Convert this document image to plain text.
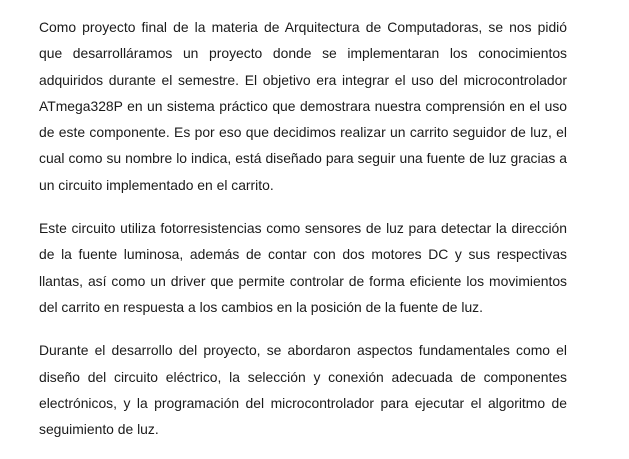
Como proyecto final de la materia de Arquitectura de Computadoras, se nos pidió que desarrolláramos un proyecto donde se implementaran los conocimientos adquiridos durante el semestre. El objetivo era integrar el uso del microcontrolador ATmega328P en un sistema práctico que demostrara nuestra comprensión en el uso de este componente. Es por eso que decidimos realizar un carrito seguidor de luz, el cual como su nombre lo indica, está diseñado para seguir una fuente de luz gracias a un circuito implementado en el carrito.

Este circuito utiliza fotorresistencias como sensores de luz para detectar la dirección de la fuente luminosa, además de contar con dos motores DC y sus respectivas llantas, así como un driver que permite controlar de forma eficiente los movimientos del carrito en respuesta a los cambios en la posición de la fuente de luz.

Durante el desarrollo del proyecto, se abordaron aspectos fundamentales como el diseño del circuito eléctrico, la selección y conexión adecuada de componentes electrónicos, y la programación del microcontrolador para ejecutar el algoritmo de seguimiento de luz.
